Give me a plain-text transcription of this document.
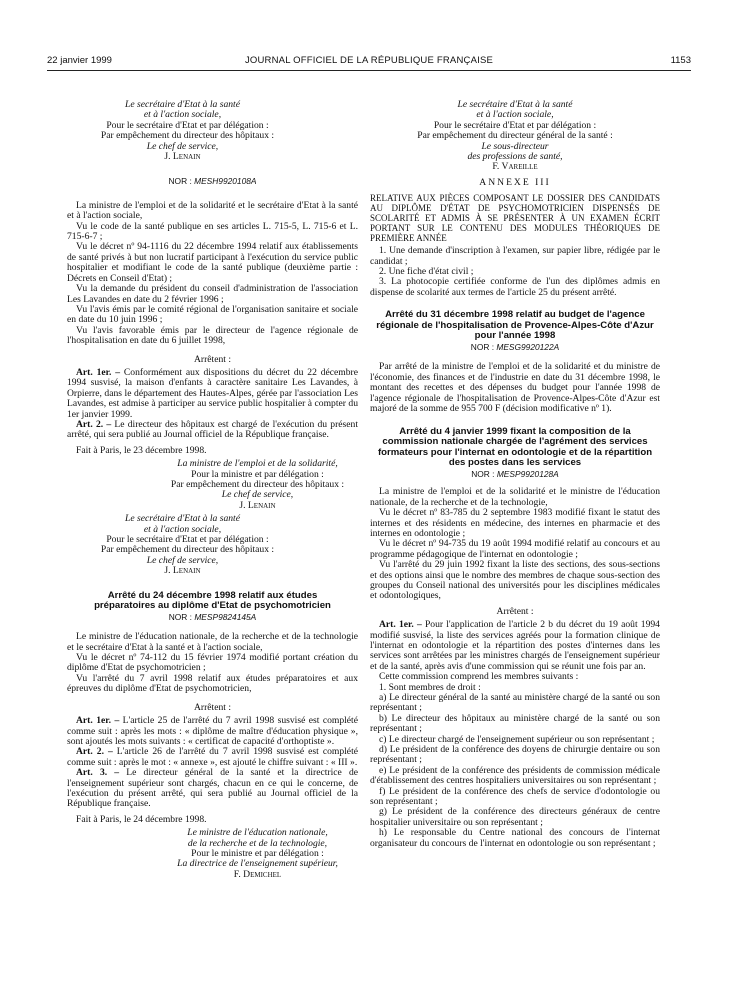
22 janvier 1999	JOURNAL OFFICIEL DE LA RÉPUBLIQUE FRANÇAISE	1153

Le secrétaire d'Etat à la santé

et à l'action sociale,

Pour le secrétaire d'Etat et par délégation :

Par empêchement du directeur des hôpitaux :

Le chef de service,

J. Lenain

NOR : MESH9920108A

La ministre de l'emploi et de la solidarité et le secrétaire d'Etat à la santé et à l'action sociale,

Vu le code de la santé publique en ses articles L. 715-5, L. 715-6 et L. 715-6-7 ;

Vu le décret nº 94-1116 du 22 décembre 1994 relatif aux établissements de santé privés à but non lucratif participant à l'exécution du service public hospitalier et modifiant le code de la santé publique (deuxième partie : Décrets en Conseil d'Etat) ;

Vu la demande du président du conseil d'administration de l'association Les Lavandes en date du 2 février 1996 ;

Vu l'avis émis par le comité régional de l'organisation sanitaire et sociale en date du 10 juin 1996 ;

Vu l'avis favorable émis par le directeur de l'agence régionale de l'hospitalisation en date du 6 juillet 1998,

Arrêtent :

Art. 1er. – Conformément aux dispositions du décret du 22 décembre 1994 susvisé, la maison d'enfants à caractère sanitaire Les Lavandes, à Orpierre, dans le département des Hautes-Alpes, gérée par l'association Les Lavandes, est admise à participer au service public hospitalier à compter du 1er janvier 1999.

Art. 2. – Le directeur des hôpitaux est chargé de l'exécution du présent arrêté, qui sera publié au Journal officiel de la République française.

Fait à Paris, le 23 décembre 1998.

La ministre de l'emploi et de la solidarité,

Pour la ministre et par délégation :

Par empêchement du directeur des hôpitaux :

Le chef de service,

J. Lenain

Le secrétaire d'Etat à la santé

et à l'action sociale,

Pour le secrétaire d'Etat et par délégation :

Par empêchement du directeur des hôpitaux :

Le chef de service,

J. Lenain

Arrêté du 24 décembre 1998 relatif aux études préparatoires au diplôme d'Etat de psychomotricien

NOR : MESP9824145A

Le ministre de l'éducation nationale, de la recherche et de la technologie et le secrétaire d'Etat à la santé et à l'action sociale,

Vu le décret nº 74-112 du 15 février 1974 modifié portant création du diplôme d'Etat de psychomotricien ;

Vu l'arrêté du 7 avril 1998 relatif aux études préparatoires et aux épreuves du diplôme d'Etat de psychomotricien,

Arrêtent :

Art. 1er. – L'article 25 de l'arrêté du 7 avril 1998 susvisé est complété comme suit : après les mots : « diplôme de maître d'éducation physique », sont ajoutés les mots suivants : « certificat de capacité d'orthoptiste ».

Art. 2. – L'article 26 de l'arrêté du 7 avril 1998 susvisé est complété comme suit : après le mot : « annexe », est ajouté le chiffre suivant : « III ».

Art. 3. – Le directeur général de la santé et la directrice de l'enseignement supérieur sont chargés, chacun en ce qui le concerne, de l'exécution du présent arrêté, qui sera publié au Journal officiel de la République française.

Fait à Paris, le 24 décembre 1998.

Le ministre de l'éducation nationale,

de la recherche et de la technologie,

Pour le ministre et par délégation :

La directrice de l'enseignement supérieur,

F. Demichel

Le secrétaire d'Etat à la santé

et à l'action sociale,

Pour le secrétaire d'Etat et par délégation :

Par empêchement du directeur général de la santé :

Le sous-directeur

des professions de santé,

F. Vareille

ANNEXE III

RELATIVE AUX PIÈCES COMPOSANT LE DOSSIER DES CANDIDATS AU DIPLÔME D'ÉTAT DE PSYCHOMOTRICIEN DISPENSÉS DE SCOLARITÉ ET ADMIS À SE PRÉSENTER À UN EXAMEN ÉCRIT PORTANT SUR LE CONTENU DES MODULES THÉORIQUES DE PREMIÈRE ANNÉE

1. Une demande d'inscription à l'examen, sur papier libre, rédigée par le candidat ;

2. Une fiche d'état civil ;

3. La photocopie certifiée conforme de l'un des diplômes admis en dispense de scolarité aux termes de l'article 25 du présent arrêté.

Arrêté du 31 décembre 1998 relatif au budget de l'agence régionale de l'hospitalisation de Provence-Alpes-Côte d'Azur pour l'année 1998

NOR : MESG9920122A

Par arrêté de la ministre de l'emploi et de la solidarité et du ministre de l'économie, des finances et de l'industrie en date du 31 décembre 1998, le montant des recettes et des dépenses du budget pour l'année 1998 de l'agence régionale de l'hospitalisation de Provence-Alpes-Côte d'Azur est majoré de la somme de 955 700 F (décision modificative nº 1).

Arrêté du 4 janvier 1999 fixant la composition de la commission nationale chargée de l'agrément des services formateurs pour l'internat en odontologie et de la répartition des postes dans les services

NOR : MESP9920128A

La ministre de l'emploi et de la solidarité et le ministre de l'éducation nationale, de la recherche et de la technologie,

Vu le décret nº 83-785 du 2 septembre 1983 modifié fixant le statut des internes et des résidents en médecine, des internes en pharmacie et des internes en odontologie ;

Vu le décret nº 94-735 du 19 août 1994 modifié relatif au concours et au programme pédagogique de l'internat en odontologie ;

Vu l'arrêté du 29 juin 1992 fixant la liste des sections, des sous-sections et des options ainsi que le nombre des membres de chaque sous-section des groupes du Conseil national des universités pour les disciplines médicales et odontologiques,

Arrêtent :

Art. 1er. – Pour l'application de l'article 2 b du décret du 19 août 1994 modifié susvisé, la liste des services agréés pour la formation clinique de l'internat en odontologie et la répartition des postes d'internes dans les services sont arrêtées par les ministres chargés de l'enseignement supérieur et de la santé, après avis d'une commission qui se réunit une fois par an.

Cette commission comprend les membres suivants :

1. Sont membres de droit :

a) Le directeur général de la santé au ministère chargé de la santé ou son représentant ;

b) Le directeur des hôpitaux au ministère chargé de la santé ou son représentant ;

c) Le directeur chargé de l'enseignement supérieur ou son représentant ;

d) Le président de la conférence des doyens de chirurgie dentaire ou son représentant ;

e) Le président de la conférence des présidents de commission médicale d'établissement des centres hospitaliers universitaires ou son représentant ;

f) Le président de la conférence des chefs de service d'odontologie ou son représentant ;

g) Le président de la conférence des directeurs généraux de centre hospitalier universitaire ou son représentant ;

h) Le responsable du Centre national des concours de l'internat organisateur du concours de l'internat en odontologie ou son représentant ;
